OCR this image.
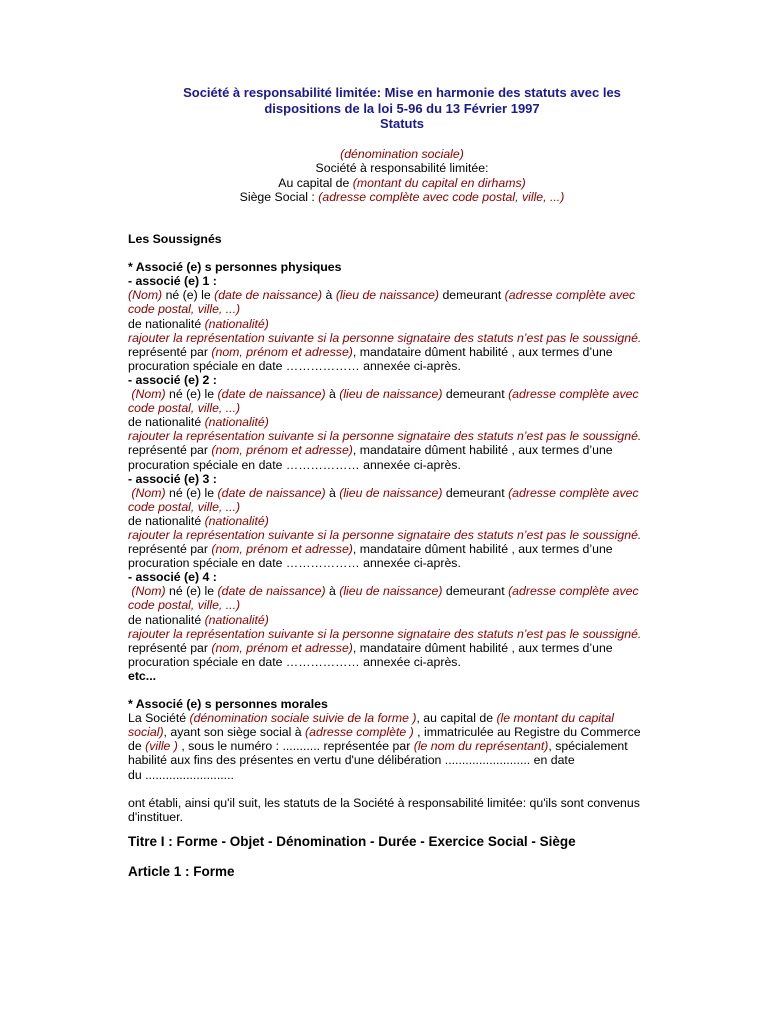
Société à responsabilité limitée: Mise en harmonie des statuts avec les
dispositions de la loi 5-96 du 13 Février 1997
Statuts
(dénomination sociale)
Société à responsabilité limitée:
Au capital de (montant du capital en dirhams)
Siège Social : (adresse complète avec code postal, ville, ...)

Les Soussignés

* Associé (e) s personnes physiques

- associé (e) 1 :

(Nom) né (e) le (date de naissance) à (lieu de naissance) demeurant (adresse complète avec

code postal, ville, ...)

de nationalité (nationalité)

rajouter la représentation suivante si la personne signataire des statuts n’est pas le soussigné.

représenté par (nom, prénom et adresse), mandataire dûment habilité , aux termes d’une

procuration spéciale en date ……………… annexée ci-après.

- associé (e) 2 :

(Nom) né (e) le (date de naissance) à (lieu de naissance) demeurant (adresse complète avec

code postal, ville, ...)

de nationalité (nationalité)

rajouter la représentation suivante si la personne signataire des statuts n’est pas le soussigné.

représenté par (nom, prénom et adresse), mandataire dûment habilité , aux termes d’une

procuration spéciale en date ……………… annexée ci-après.

- associé (e) 3 :

(Nom) né (e) le (date de naissance) à (lieu de naissance) demeurant (adresse complète avec

code postal, ville, ...)

de nationalité (nationalité)

rajouter la représentation suivante si la personne signataire des statuts n’est pas le soussigné.

représenté par (nom, prénom et adresse), mandataire dûment habilité , aux termes d’une

procuration spéciale en date ……………… annexée ci-après.

- associé (e) 4 :

(Nom) né (e) le (date de naissance) à (lieu de naissance) demeurant (adresse complète avec

code postal, ville, ...)

de nationalité (nationalité)

rajouter la représentation suivante si la personne signataire des statuts n’est pas le soussigné.

représenté par (nom, prénom et adresse), mandataire dûment habilité , aux termes d’une

procuration spéciale en date ……………… annexée ci-après.

etc...

* Associé (e) s personnes morales

La Société (dénomination sociale suivie de la forme ), au capital de (le montant du capital

social), ayant son siège social à (adresse complète ) , immatriculée au Registre du Commerce

de (ville ) , sous le numéro : ........... représentée par (le nom du représentant), spécialement

habilité aux fins des présentes en vertu d'une délibération ......................... en date

du ..........................

ont établi, ainsi qu'il suit, les statuts de la Société à responsabilité limitée: qu'ils sont convenus

d'instituer.

Titre I : Forme - Objet - Dénomination - Durée - Exercice Social - Siège

Article 1 : Forme
